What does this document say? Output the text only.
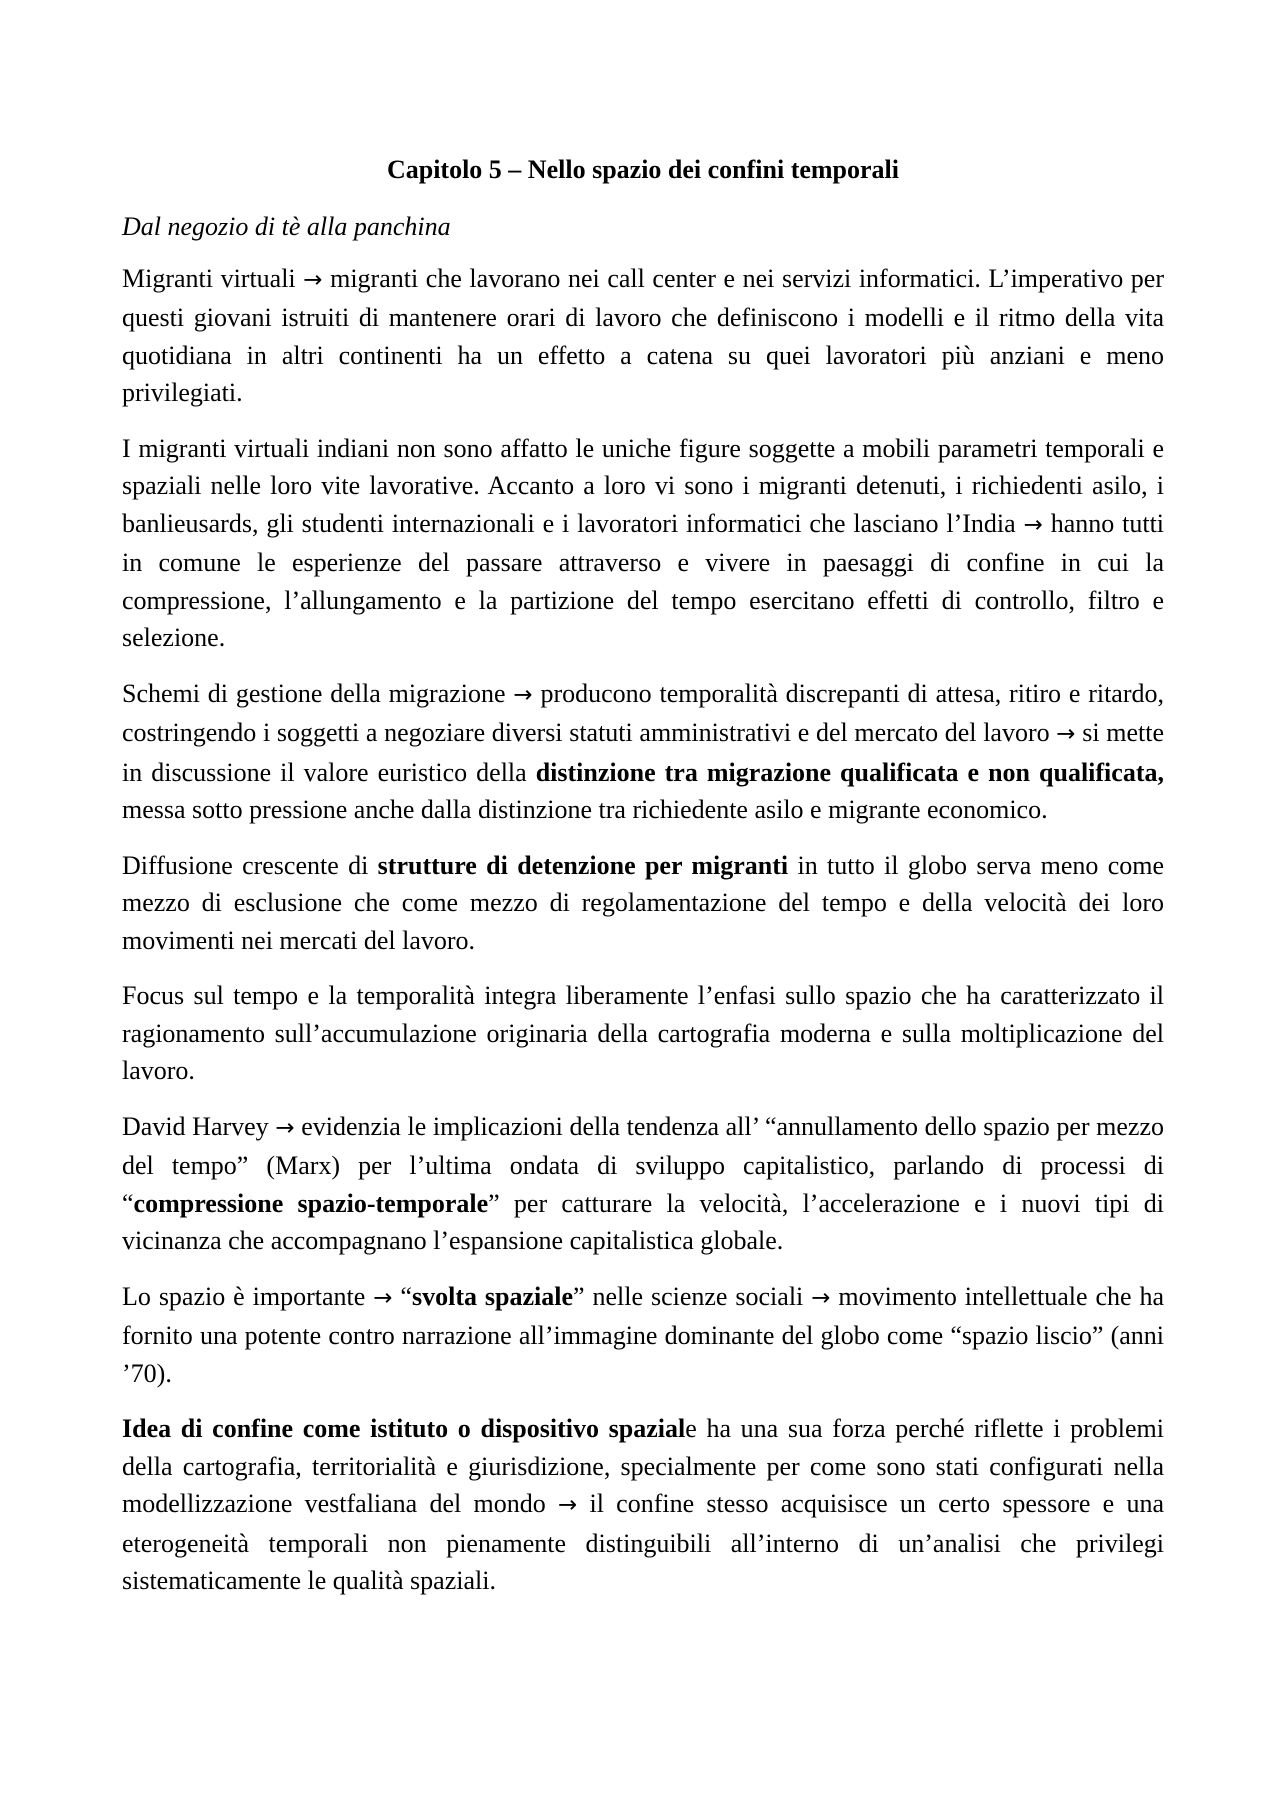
Capitolo 5 – Nello spazio dei confini temporali
Dal negozio di tè alla panchina

Migranti virtuali → migranti che lavorano nei call center e nei servizi informatici. L’imperativo per questi giovani istruiti di mantenere orari di lavoro che definiscono i modelli e il ritmo della vita quotidiana in altri continenti ha un effetto a catena su quei lavoratori più anziani e meno privilegiati.

I migranti virtuali indiani non sono affatto le uniche figure soggette a mobili parametri temporali e spaziali nelle loro vite lavorative. Accanto a loro vi sono i migranti detenuti, i richiedenti asilo, i banlieusards, gli studenti internazionali e i lavoratori informatici che lasciano l’India → hanno tutti in comune le esperienze del passare attraverso e vivere in paesaggi di confine in cui la compressione, l’allungamento e la partizione del tempo esercitano effetti di controllo, filtro e selezione.

Schemi di gestione della migrazione → producono temporalità discrepanti di attesa, ritiro e ritardo, costringendo i soggetti a negoziare diversi statuti amministrativi e del mercato del lavoro → si mette in discussione il valore euristico della distinzione tra migrazione qualificata e non qualificata, messa sotto pressione anche dalla distinzione tra richiedente asilo e migrante economico.

Diffusione crescente di strutture di detenzione per migranti in tutto il globo serva meno come mezzo di esclusione che come mezzo di regolamentazione del tempo e della velocità dei loro movimenti nei mercati del lavoro.

Focus sul tempo e la temporalità integra liberamente l’enfasi sullo spazio che ha caratterizzato il ragionamento sull’accumulazione originaria della cartografia moderna e sulla moltiplicazione del lavoro.

David Harvey → evidenzia le implicazioni della tendenza all’ “annullamento dello spazio per mezzo del tempo” (Marx) per l’ultima ondata di sviluppo capitalistico, parlando di processi di “compressione spazio-temporale” per catturare la velocità, l’accelerazione e i nuovi tipi di vicinanza che accompagnano l’espansione capitalistica globale.

Lo spazio è importante → “svolta spaziale” nelle scienze sociali → movimento intellettuale che ha fornito una potente contro narrazione all’immagine dominante del globo come “spazio liscio” (anni ’70).

Idea di confine come istituto o dispositivo spaziale ha una sua forza perché riflette i problemi della cartografia, territorialità e giurisdizione, specialmente per come sono stati configurati nella modellizzazione vestfaliana del mondo → il confine stesso acquisisce un certo spessore e una eterogeneità temporali non pienamente distinguibili all’interno di un’analisi che privilegi sistematicamente le qualità spaziali.
